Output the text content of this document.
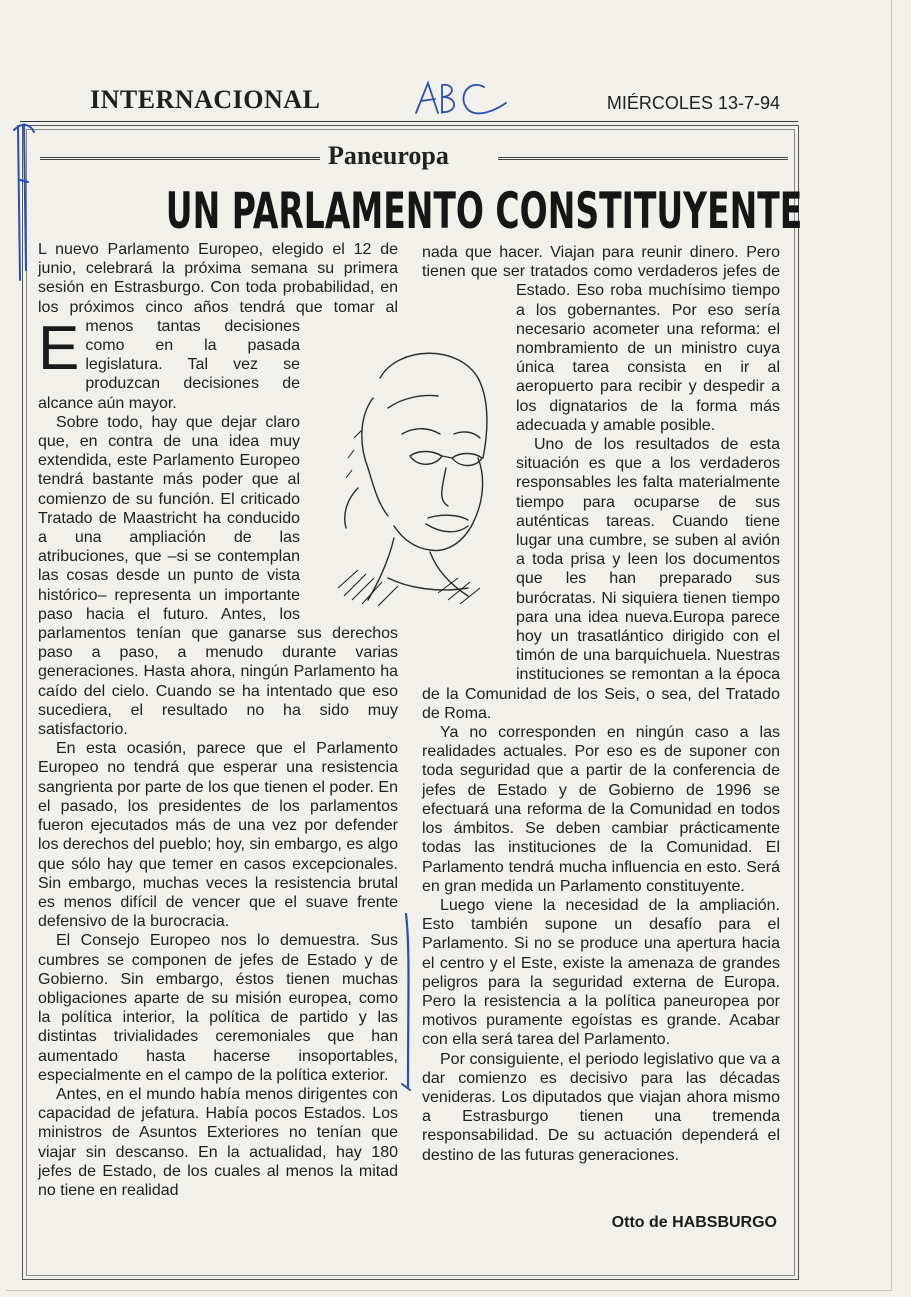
INTERNACIONAL	MIÉRCOLES 13-7-94
Paneuropa
UN PARLAMENTO CONSTITUYENTE

E
L nuevo Parlamento Europeo, elegido el 12 de junio, celebrará la próxima semana su primera sesión en Estrasburgo. Con toda probabilidad, en los próximos cinco años tendrá que tomar al menos tantas decisiones como en la pasada legislatura. Tal vez se produzcan decisiones de alcance aún mayor.

Sobre todo, hay que dejar claro que, en contra de una idea muy extendida, este Parlamento Europeo tendrá bastante más poder que al comienzo de su función. El criticado Tratado de Maastricht ha conducido a una ampliación de las atribuciones, que –si se contemplan las cosas desde un punto de vista histórico– representa un importante paso hacia el futuro. Antes, los parlamentos tenían que ganarse sus derechos paso a paso, a menudo durante varias generaciones. Hasta ahora, ningún Parlamento ha caído del cielo. Cuando se ha intentado que eso sucediera, el resultado no ha sido muy satisfactorio.

En esta ocasión, parece que el Parlamento Europeo no tendrá que esperar una resistencia sangrienta por parte de los que tienen el poder. En el pasado, los presidentes de los parlamentos fueron ejecutados más de una vez por defender los derechos del pueblo; hoy, sin embargo, es algo que sólo hay que temer en casos excepcionales. Sin embargo, muchas veces la resistencia brutal es menos difícil de vencer que el suave frente defensivo de la burocracia.

El Consejo Europeo nos lo demuestra. Sus cumbres se componen de jefes de Estado y de Gobierno. Sin embargo, éstos tienen muchas obligaciones aparte de su misión europea, como la política interior, la política de partido y las distintas trivialidades ceremoniales que han aumentado hasta hacerse insoportables, especialmente en el campo de la política exterior.

Antes, en el mundo había menos dirigentes con capacidad de jefatura. Había pocos Estados. Los ministros de Asuntos Exteriores no tenían que viajar sin descanso. En la actualidad, hay 180 jefes de Estado, de los cuales al menos la mitad no tiene en realidad

nada que hacer. Viajan para reunir dinero. Pero tienen que ser tratados como verdaderos jefes de Estado. Eso roba muchísimo tiempo a los gobernantes. Por eso sería necesario acometer una reforma: el nombramiento de un ministro cuya única tarea consista en ir al aeropuerto para recibir y despedir a los dignatarios de la forma más adecuada y amable posible.

Uno de los resultados de esta situación es que a los verdaderos responsables les falta materialmente tiempo para ocuparse de sus auténticas tareas. Cuando tiene lugar una cumbre, se suben al avión a toda prisa y leen los documentos que les han preparado sus burócratas. Ni siquiera tienen tiempo para una idea nueva.Europa parece hoy un trasatlántico dirigido con el timón de una barquichuela. Nuestras instituciones se remontan a la época de la Comunidad de los Seis, o sea, del Tratado de Roma.

Ya no corresponden en ningún caso a las realidades actuales. Por eso es de suponer con toda seguridad que a partir de la conferencia de jefes de Estado y de Gobierno de 1996 se efectuará una reforma de la Comunidad en todos los ámbitos. Se deben cambiar prácticamente todas las instituciones de la Comunidad. El Parlamento tendrá mucha influencia en esto. Será en gran medida un Parlamento constituyente.

Luego viene la necesidad de la ampliación. Esto también supone un desafío para el Parlamento. Si no se produce una apertura hacia el centro y el Este, existe la amenaza de grandes peligros para la seguridad externa de Europa. Pero la resistencia a la política paneuropea por motivos puramente egoístas es grande. Acabar con ella será tarea del Parlamento.

Por consiguiente, el periodo legislativo que va a dar comienzo es decisivo para las décadas venideras. Los diputados que viajan ahora mismo a Estrasburgo tienen una tremenda responsabilidad. De su actuación dependerá el destino de las futuras generaciones.

Otto de HABSBURGO
